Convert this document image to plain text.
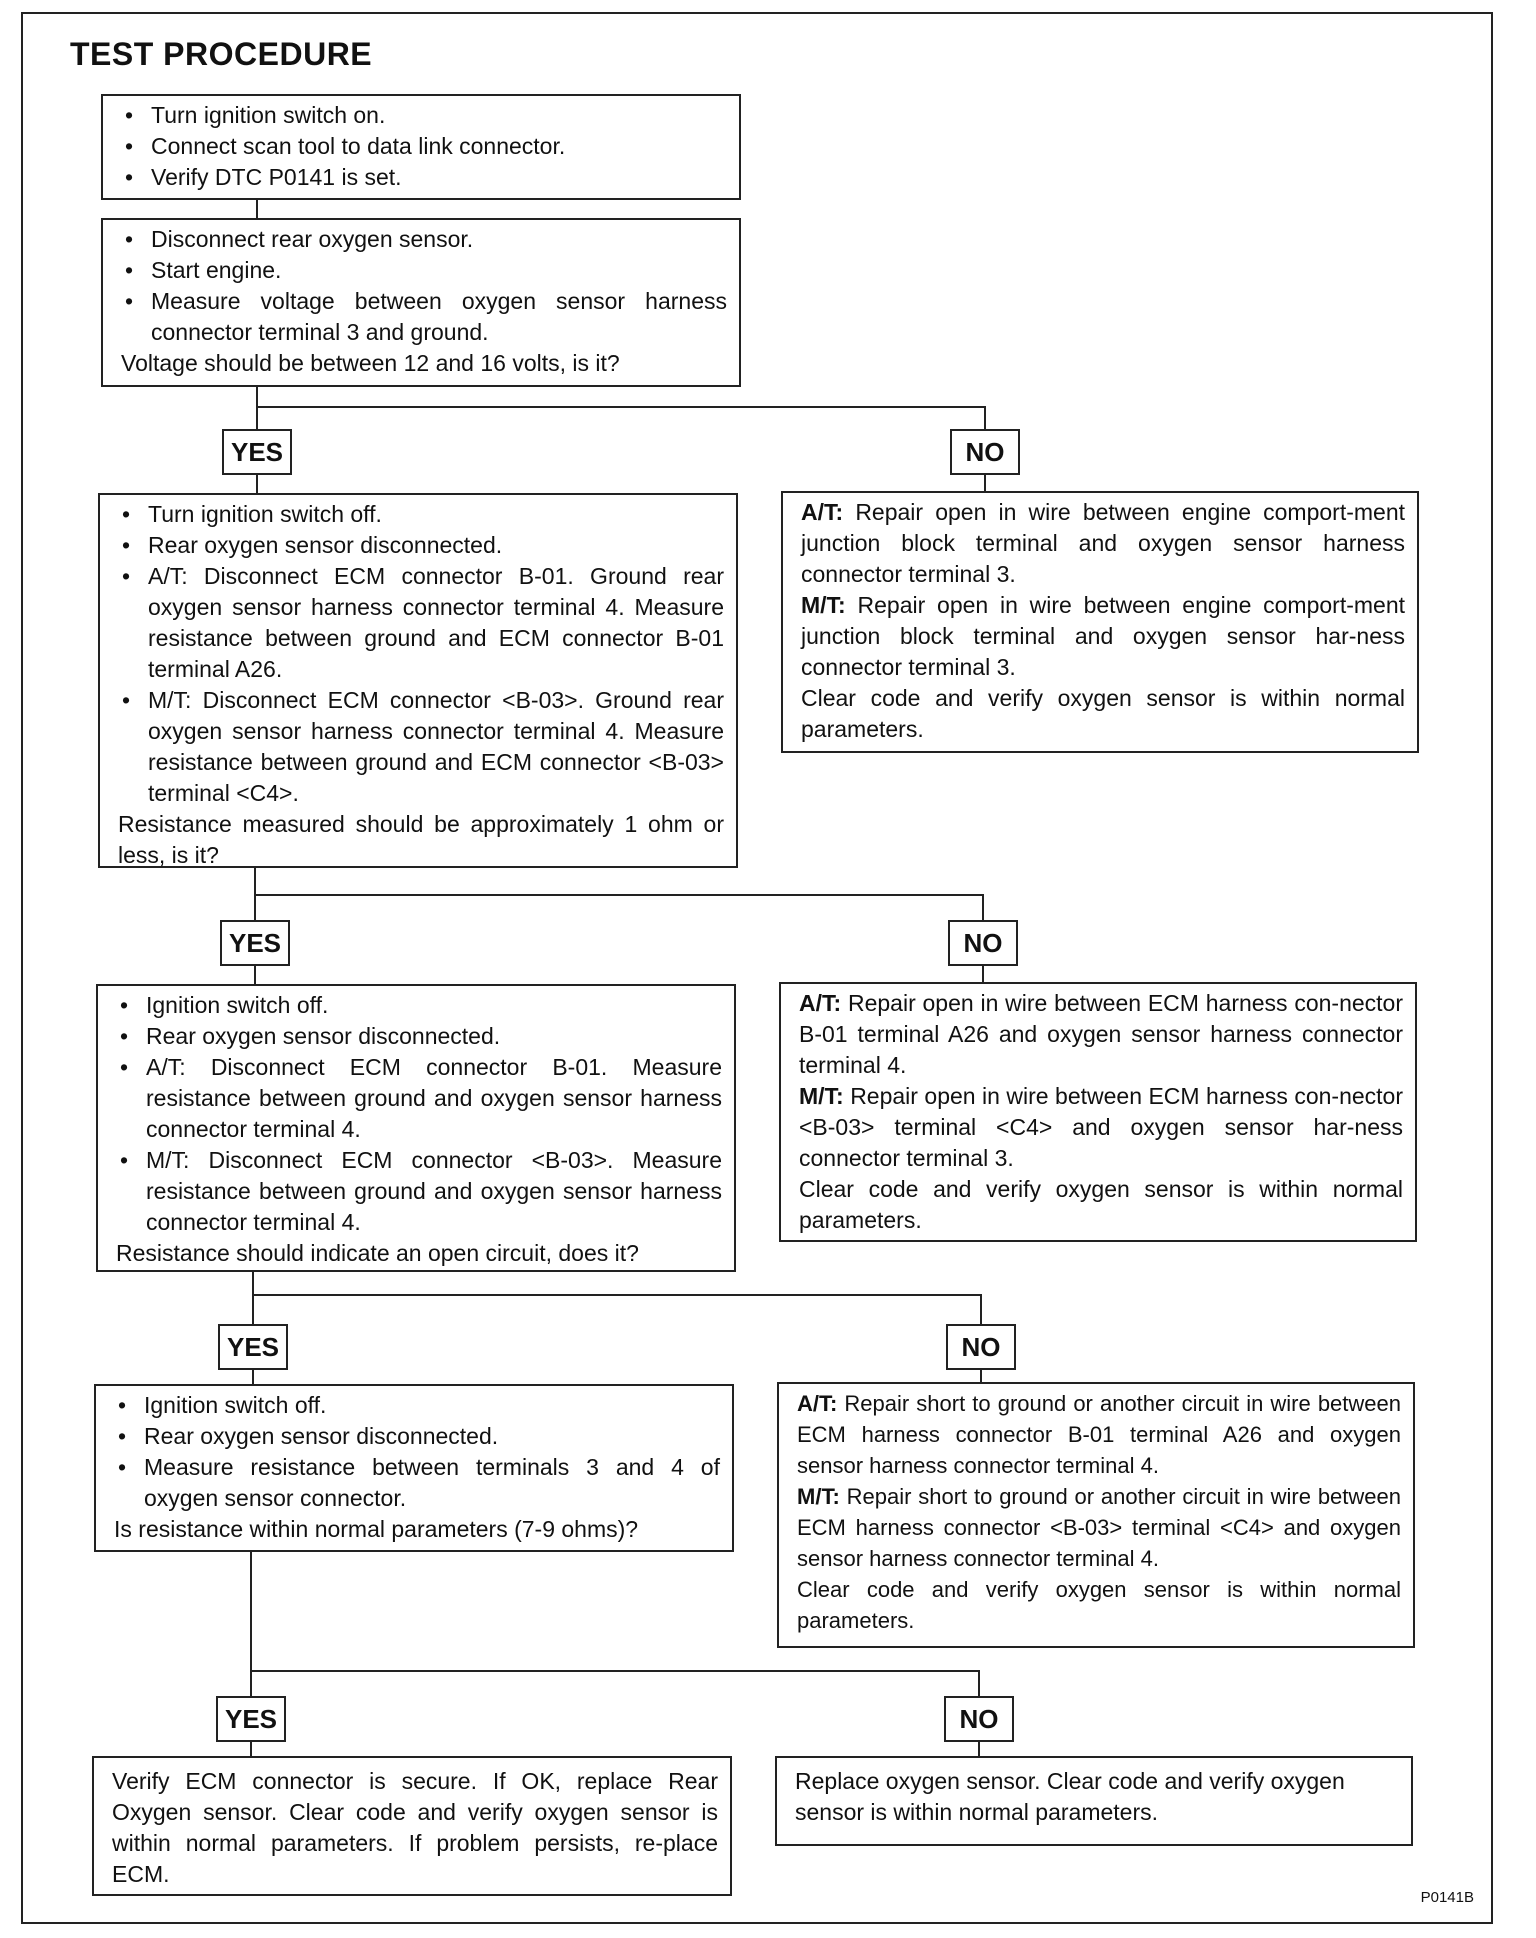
TEST PROCEDURE
• Turn ignition switch on.
• Connect scan tool to data link connector.
• Verify DTC P0141 is set.
• Disconnect rear oxygen sensor.
• Start engine.
• Measure voltage between oxygen sensor harness connector terminal 3 and ground.
Voltage should be between 12 and 16 volts, is it?
YES	NO
• Turn ignition switch off.
• Rear oxygen sensor disconnected.
• A/T: Disconnect ECM connector B-01. Ground rear oxygen sensor harness connector terminal 4. Measure resistance between ground and ECM connector B-01 terminal A26.
• M/T: Disconnect ECM connector <B-03>. Ground rear oxygen sensor harness connector terminal 4. Measure resistance between ground and ECM connector <B-03> terminal <C4>.
Resistance measured should be approximately 1 ohm or less, is it?

A/T: Repair open in wire between engine comport-ment junction block terminal and oxygen sensor harness connector terminal 3.

M/T: Repair open in wire between engine comport-ment junction block terminal and oxygen sensor har-ness connector terminal 3.

Clear code and verify oxygen sensor is within normal parameters.

YES	NO
• Ignition switch off.
• Rear oxygen sensor disconnected.
• A/T: Disconnect ECM connector B-01. Measure resistance between ground and oxygen sensor harness connector terminal 4.
• M/T: Disconnect ECM connector <B-03>. Measure resistance between ground and oxygen sensor harness connector terminal 4.
Resistance should indicate an open circuit, does it?

A/T: Repair open in wire between ECM harness con-nector B-01 terminal A26 and oxygen sensor harness connector terminal 4.

M/T: Repair open in wire between ECM harness con-nector <B-03> terminal <C4> and oxygen sensor har-ness connector terminal 3.

Clear code and verify oxygen sensor is within normal parameters.

YES	NO
• Ignition switch off.
• Rear oxygen sensor disconnected.
• Measure resistance between terminals 3 and 4 of oxygen sensor connector.
Is resistance within normal parameters (7-9 ohms)?

A/T: Repair short to ground or another circuit in wire between ECM harness connector B-01 terminal A26 and oxygen sensor harness connector terminal 4.

M/T: Repair short to ground or another circuit in wire between ECM harness connector <B-03> terminal <C4> and oxygen sensor harness connector terminal 4.

Clear code and verify oxygen sensor is within normal parameters.

YES	NO
Verify ECM connector is secure. If OK, replace Rear Oxygen sensor. Clear code and verify oxygen sensor is within normal parameters. If problem persists, re-place ECM.
Replace oxygen sensor. Clear code and verify oxygen sensor is within normal parameters.
P0141B
